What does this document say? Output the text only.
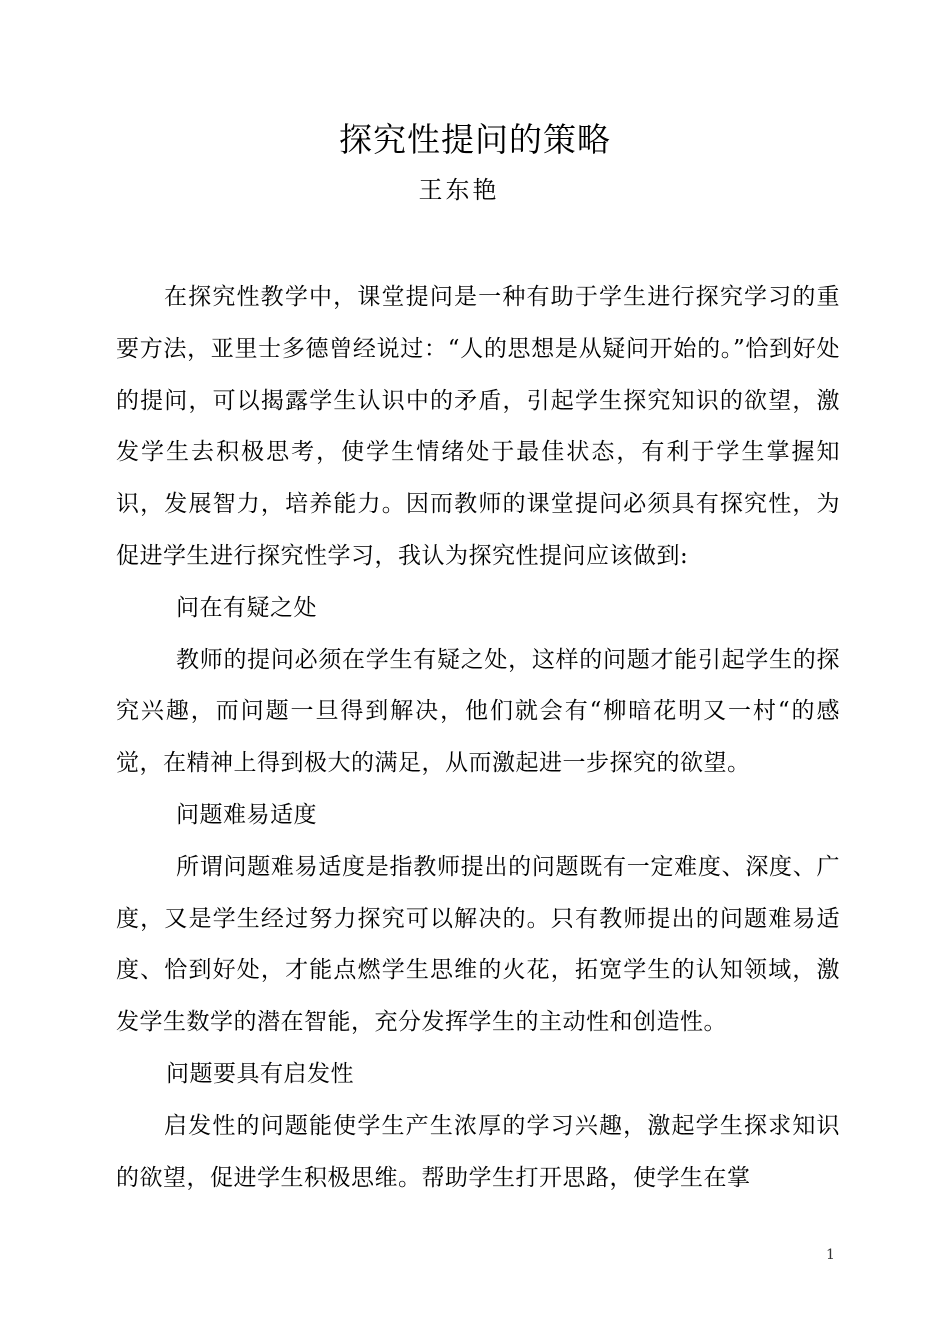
探究性提问的策略
王东艳

在探究性教学中，课堂提问是一种有助于学生进行探究学习的重要方法，亚里士多德曾经说过：“人的思想是从疑问开始的。”恰到好处的提问，可以揭露学生认识中的矛盾，引起学生探究知识的欲望，激发学生去积极思考，使学生情绪处于最佳状态，有利于学生掌握知识，发展智力，培养能力。因而教师的课堂提问必须具有探究性，为促进学生进行探究性学习，我认为探究性提问应该做到:

问在有疑之处

教师的提问必须在学生有疑之处，这样的问题才能引起学生的探究兴趣，而问题一旦得到解决，他们就会有“柳暗花明又一村“的感觉，在精神上得到极大的满足，从而激起进一步探究的欲望。

问题难易适度

所谓问题难易适度是指教师提出的问题既有一定难度、深度、广度，又是学生经过努力探究可以解决的。只有教师提出的问题难易适度、恰到好处，才能点燃学生思维的火花，拓宽学生的认知领域，激发学生数学的潜在智能，充分发挥学生的主动性和创造性。

问题要具有启发性

启发性的问题能使学生产生浓厚的学习兴趣，激起学生探求知识的欲望，促进学生积极思维。帮助学生打开思路，使学生在掌

1
